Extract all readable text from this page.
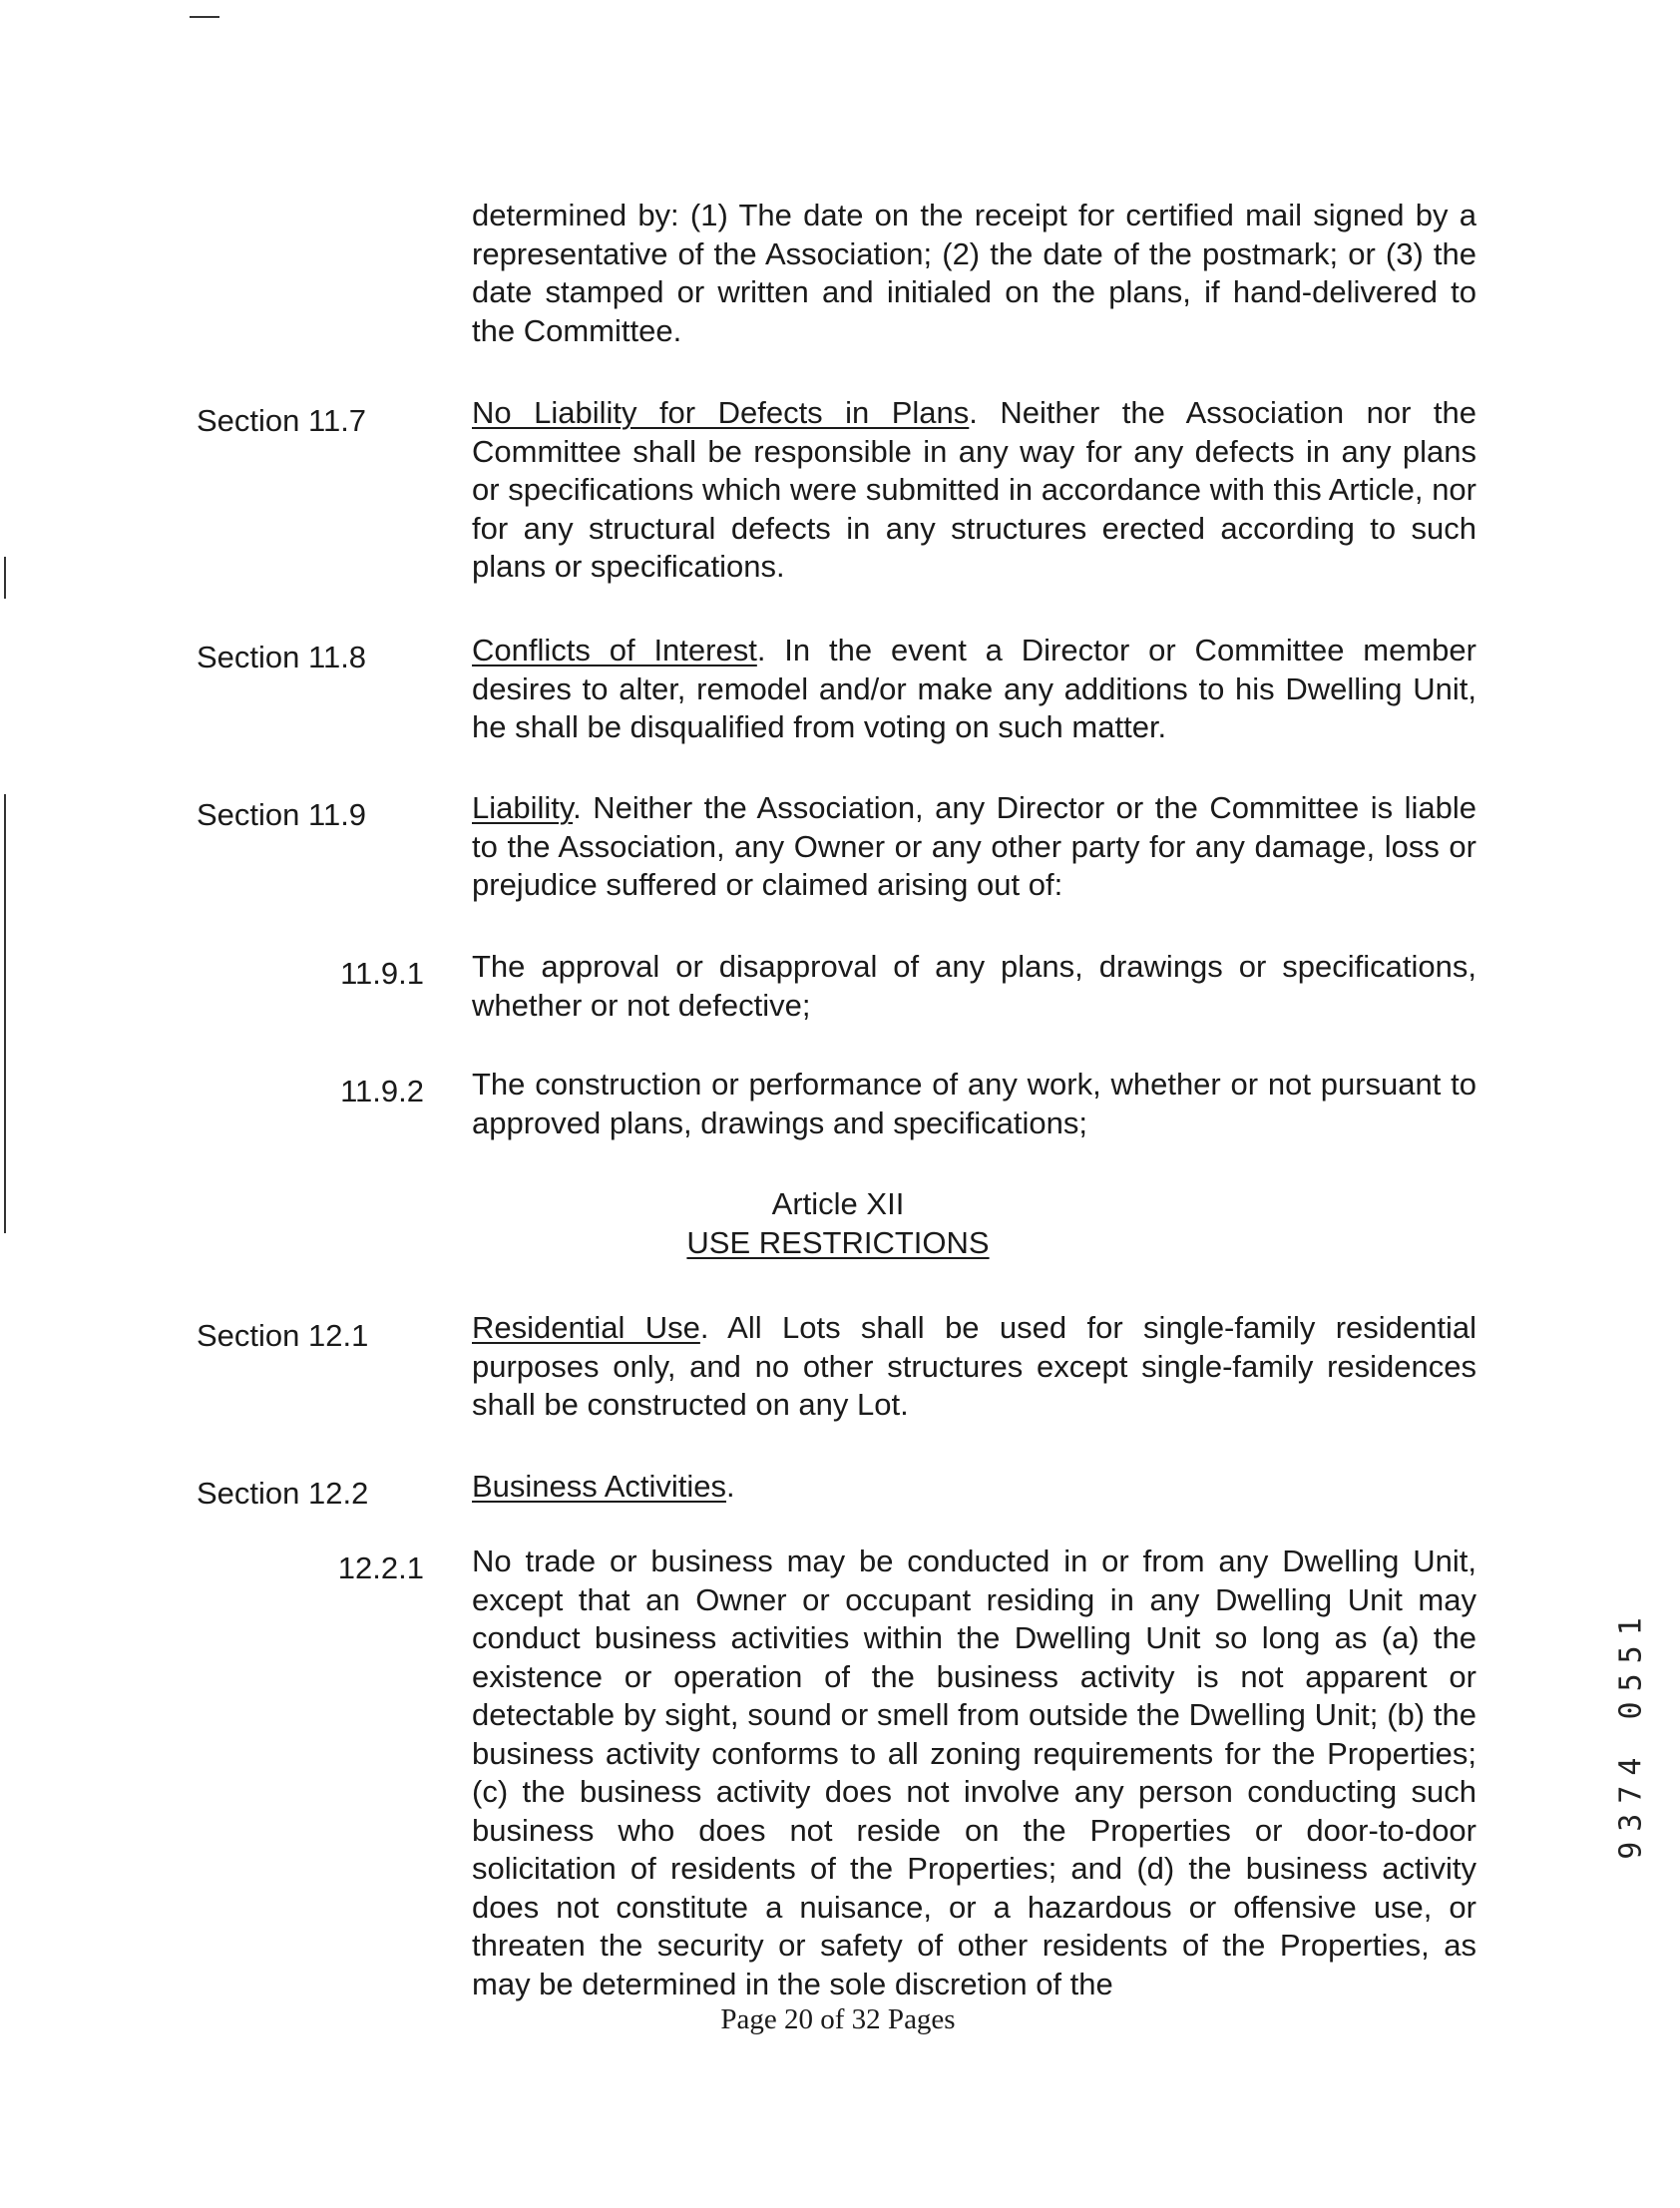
determined by: (1) The date on the receipt for certified mail signed by a representative of the Association; (2) the date of the postmark; or (3) the date stamped or written and initialed on the plans, if hand-delivered to the Committee.
Section 11.7	No Liability for Defects in Plans. Neither the Association nor the Committee shall be responsible in any way for any defects in any plans or specifications which were submitted in accordance with this Article, nor for any structural defects in any structures erected according to such plans or specifications.
Section 11.8	Conflicts of Interest. In the event a Director or Committee member desires to alter, remodel and/or make any additions to his Dwelling Unit, he shall be disqualified from voting on such matter.
Section 11.9	Liability. Neither the Association, any Director or the Committee is liable to the Association, any Owner or any other party for any damage, loss or prejudice suffered or claimed arising out of:
11.9.1 The approval or disapproval of any plans, drawings or specifications, whether or not defective;
11.9.2 The construction or performance of any work, whether or not pursuant to approved plans, drawings and specifications;
Article XII
USE RESTRICTIONS
Section 12.1	Residential Use. All Lots shall be used for single-family residential purposes only, and no other structures except single-family residences shall be constructed on any Lot.
Section 12.2	Business Activities.
12.2.1 No trade or business may be conducted in or from any Dwelling Unit, except that an Owner or occupant residing in any Dwelling Unit may conduct business activities within the Dwelling Unit so long as (a) the existence or operation of the business activity is not apparent or detectable by sight, sound or smell from outside the Dwelling Unit; (b) the business activity conforms to all zoning requirements for the Properties; (c) the business activity does not involve any person conducting such business who does not reside on the Properties or door-to-door solicitation of residents of the Properties; and (d) the business activity does not constitute a nuisance, or a hazardous or offensive use, or threaten the security or safety of other residents of the Properties, as may be determined in the sole discretion of the
9374 0551
Page 20 of 32 Pages
